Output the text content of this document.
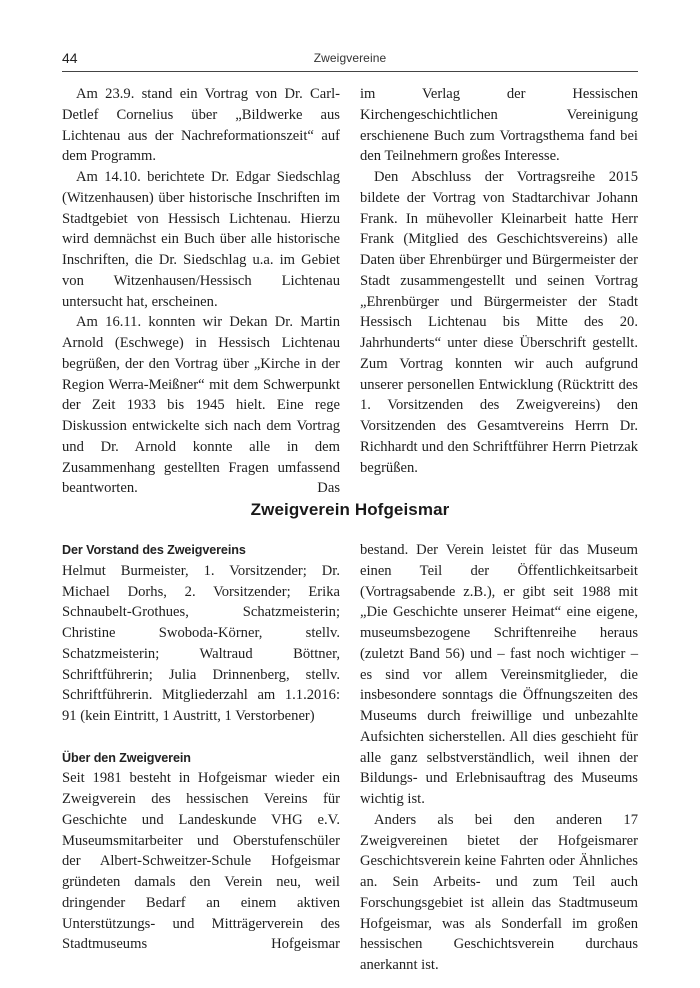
44	Zweigvereine

Am 23.9. stand ein Vortrag von Dr. Carl-Detlef Cornelius über „Bildwerke aus Lichtenau aus der Nachreformationszeit“ auf dem Programm.

Am 14.10. berichtete Dr. Edgar Siedschlag (Witzenhausen) über historische Inschriften im Stadtgebiet von Hessisch Lichtenau. Hierzu wird demnächst ein Buch über alle historische Inschriften, die Dr. Siedschlag u.a. im Gebiet von Witzenhausen/Hessisch Lichtenau untersucht hat, erscheinen.

Am 16.11. konnten wir Dekan Dr. Martin Arnold (Eschwege) in Hessisch Lichtenau begrüßen, der den Vortrag über „Kirche in der Region Werra-Meißner“ mit dem Schwerpunkt der Zeit 1933 bis 1945 hielt. Eine rege Diskussion entwickelte sich nach dem Vortrag und Dr. Arnold konnte alle in dem Zusammenhang gestellten Fragen umfassend beantworten. Das

im Verlag der Hessischen Kirchengeschichtlichen Vereinigung erschienene Buch zum Vortragsthema fand bei den Teilnehmern großes Interesse.

Den Abschluss der Vortragsreihe 2015 bildete der Vortrag von Stadtarchivar Johann Frank. In mühevoller Kleinarbeit hatte Herr Frank (Mitglied des Geschichtsvereins) alle Daten über Ehrenbürger und Bürgermeister der Stadt zusammengestellt und seinen Vortrag „Ehrenbürger und Bürgermeister der Stadt Hessisch Lichtenau bis Mitte des 20. Jahrhunderts“ unter diese Überschrift gestellt. Zum Vortrag konnten wir auch aufgrund unserer personellen Entwicklung (Rücktritt des 1. Vorsitzenden des Zweigvereins) den Vorsitzenden des Gesamtvereins Herrn Dr. Richhardt und den Schriftführer Herrn Pietrzak begrüßen.

Zweigverein Hofgeismar
Der Vorstand des Zweigvereins

Helmut Burmeister, 1. Vorsitzender; Dr. Michael Dorhs, 2. Vorsitzender; Erika Schnaubelt-Grothues, Schatzmeisterin; Christine Swoboda-Körner, stellv. Schatzmeisterin; Waltraud Böttner, Schriftführerin; Julia Drinnenberg, stellv. Schriftführerin. Mitgliederzahl am 1.1.2016: 91 (kein Eintritt, 1 Austritt, 1 Verstorbener)

Über den Zweigverein

Seit 1981 besteht in Hofgeismar wieder ein Zweigverein des hessischen Vereins für Geschichte und Landeskunde VHG e.V. Museumsmitarbeiter und Oberstufenschüler der Albert-Schweitzer-Schule Hofgeismar gründeten damals den Verein neu, weil dringender Bedarf an einem aktiven Unterstützungs- und Mitträgerverein des Stadtmuseums Hofgeismar

bestand. Der Verein leistet für das Museum einen Teil der Öffentlichkeitsarbeit (Vortragsabende z.B.), er gibt seit 1988 mit „Die Geschichte unserer Heimat“ eine eigene, museumsbezogene Schriftenreihe heraus (zuletzt Band 56) und – fast noch wichtiger – es sind vor allem Vereinsmitglieder, die insbesondere sonntags die Öffnungszeiten des Museums durch freiwillige und unbezahlte Aufsichten sicherstellen. All dies geschieht für alle ganz selbstverständlich, weil ihnen der Bildungs- und Erlebnisauftrag des Museums wichtig ist.

Anders als bei den anderen 17 Zweigvereinen bietet der Hofgeismarer Geschichtsverein keine Fahrten oder Ähnliches an. Sein Arbeits- und zum Teil auch Forschungsgebiet ist allein das Stadtmuseum Hofgeismar, was als Sonderfall im großen hessischen Geschichtsverein durchaus anerkannt ist.
